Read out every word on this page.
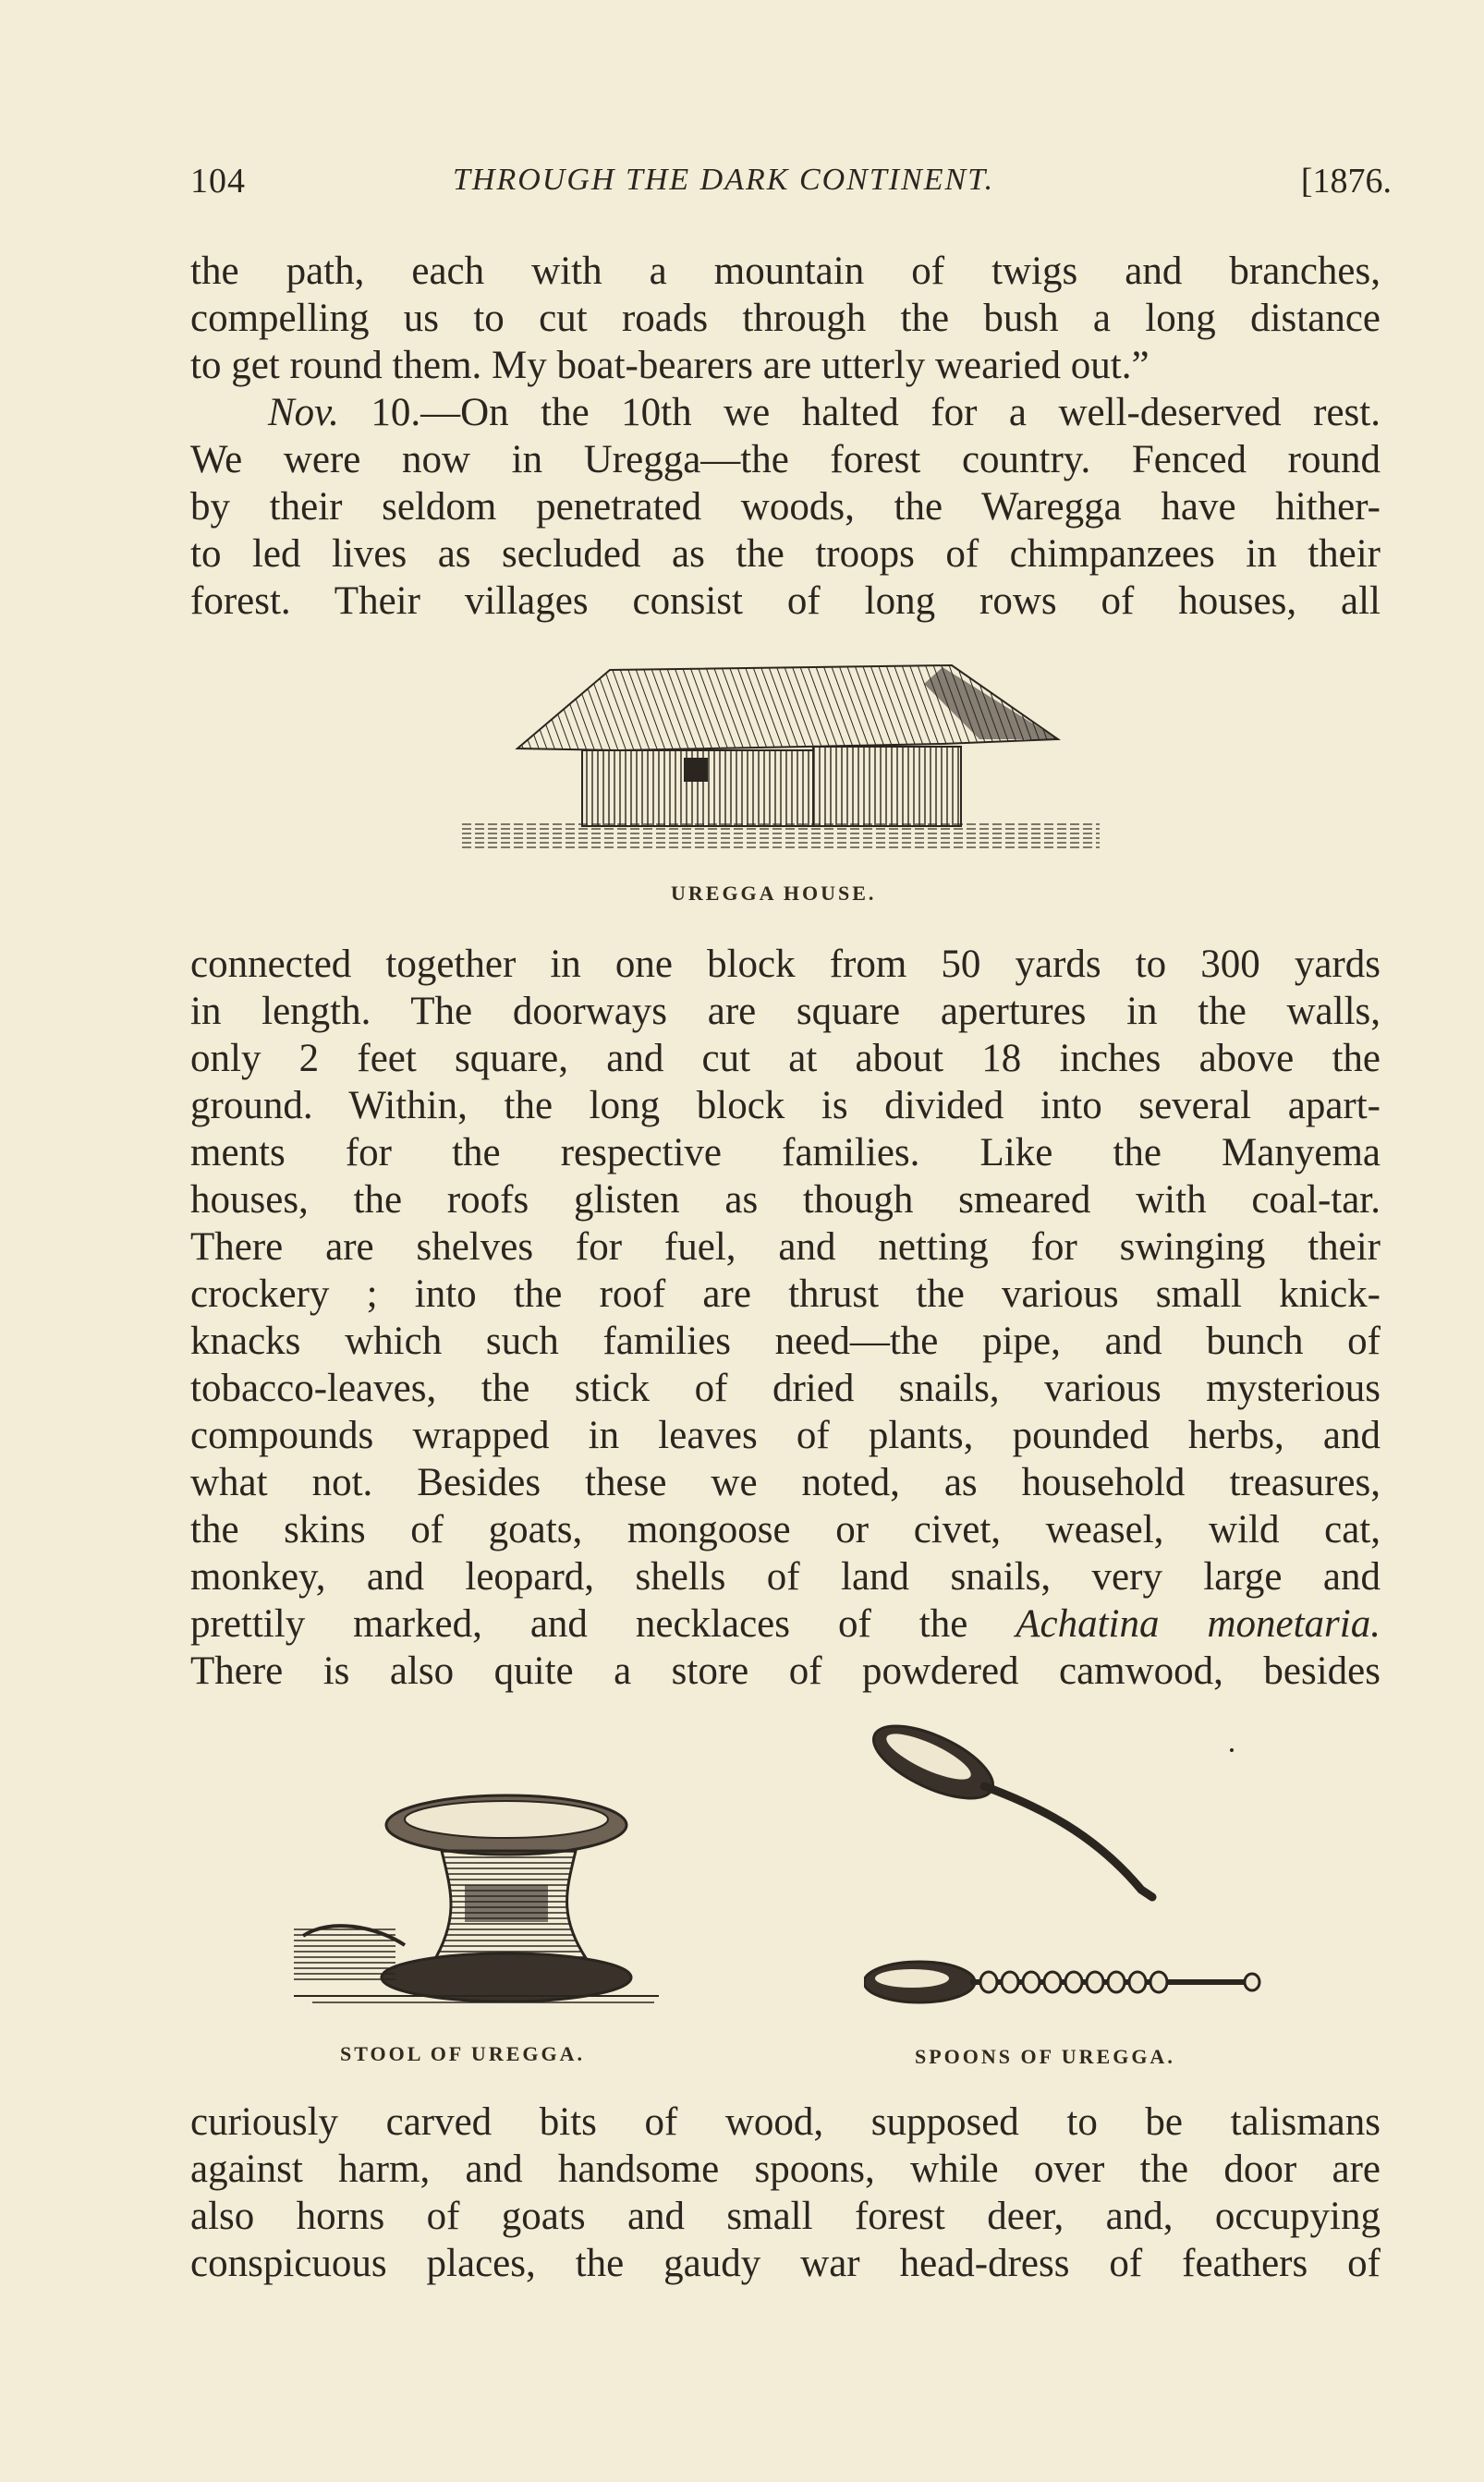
104	THROUGH THE DARK CONTINENT.	[1876.
the path, each with a mountain of twigs and branches,
compelling us to cut roads through the bush a long distance
to get round them. My boat-bearers are utterly wearied out.”
Nov. 10.—On the 10th we halted for a well-deserved rest.
We were now in Uregga—the forest country. Fenced round
by their seldom penetrated woods, the Waregga have hither-
to led lives as secluded as the troops of chimpanzees in their
forest. Their villages consist of long rows of houses, all
UREGGA HOUSE.
connected together in one block from 50 yards to 300 yards
in length. The doorways are square apertures in the walls,
only 2 feet square, and cut at about 18 inches above the
ground. Within, the long block is divided into several apart-
ments for the respective families. Like the Manyema
houses, the roofs glisten as though smeared with coal-tar.
There are shelves for fuel, and netting for swinging their
crockery ; into the roof are thrust the various small knick-
knacks which such families need—the pipe, and bunch of
tobacco-leaves, the stick of dried snails, various mysterious
compounds wrapped in leaves of plants, pounded herbs, and
what not. Besides these we noted, as household treasures,
the skins of goats, mongoose or civet, weasel, wild cat,
monkey, and leopard, shells of land snails, very large and
prettily marked, and necklaces of the Achatina monetaria.
There is also quite a store of powdered camwood, besides
STOOL OF UREGGA.	SPOONS OF UREGGA.
curiously carved bits of wood, supposed to be talismans
against harm, and handsome spoons, while over the door are
also horns of goats and small forest deer, and, occupying
conspicuous places, the gaudy war head-dress of feathers of
